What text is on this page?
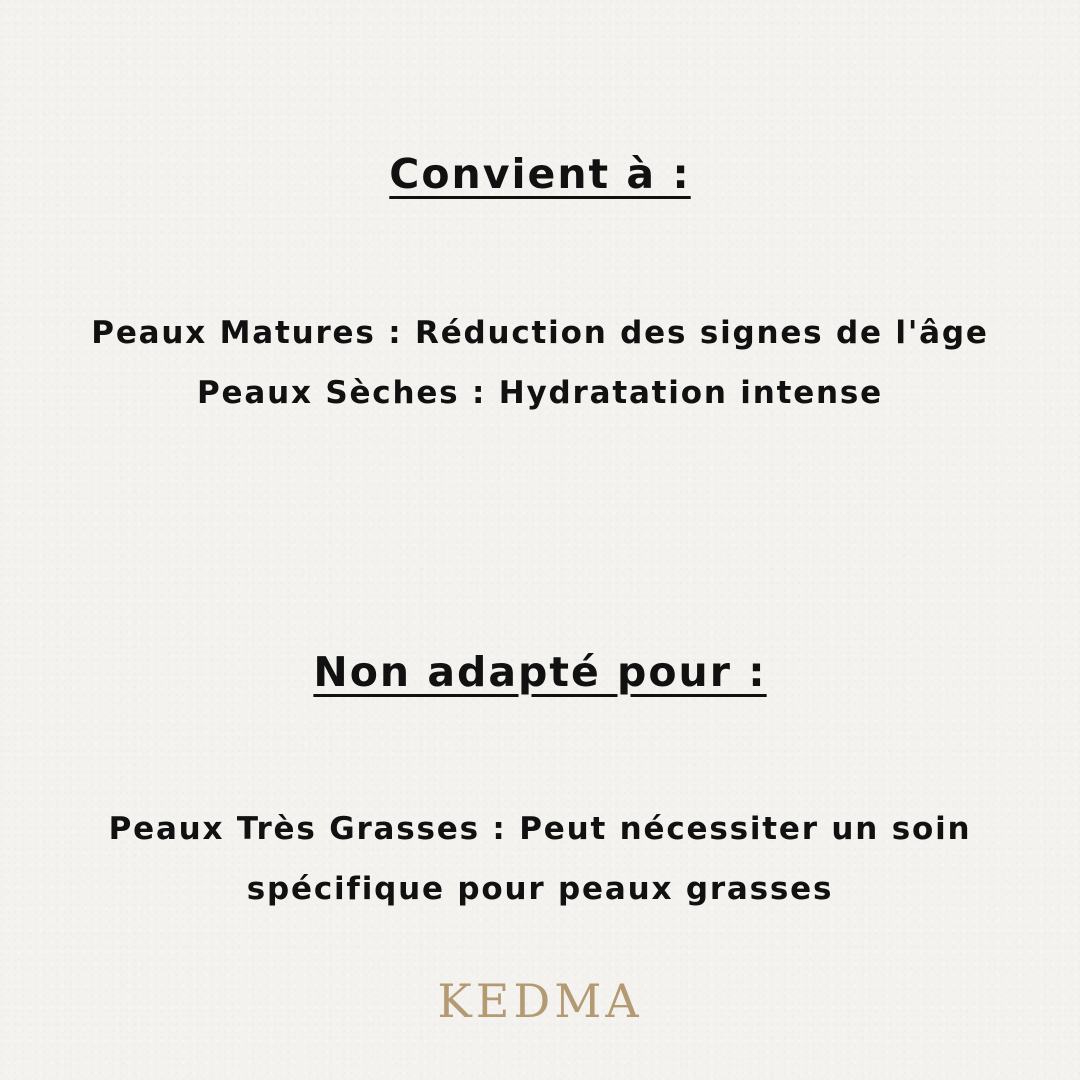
Convient à :

Peaux Matures : Réduction des signes de l'âge

Peaux Sèches : Hydratation intense

Non adapté pour :

Peaux Très Grasses : Peut nécessiter un soin

spécifique pour peaux grasses

KEDMA
